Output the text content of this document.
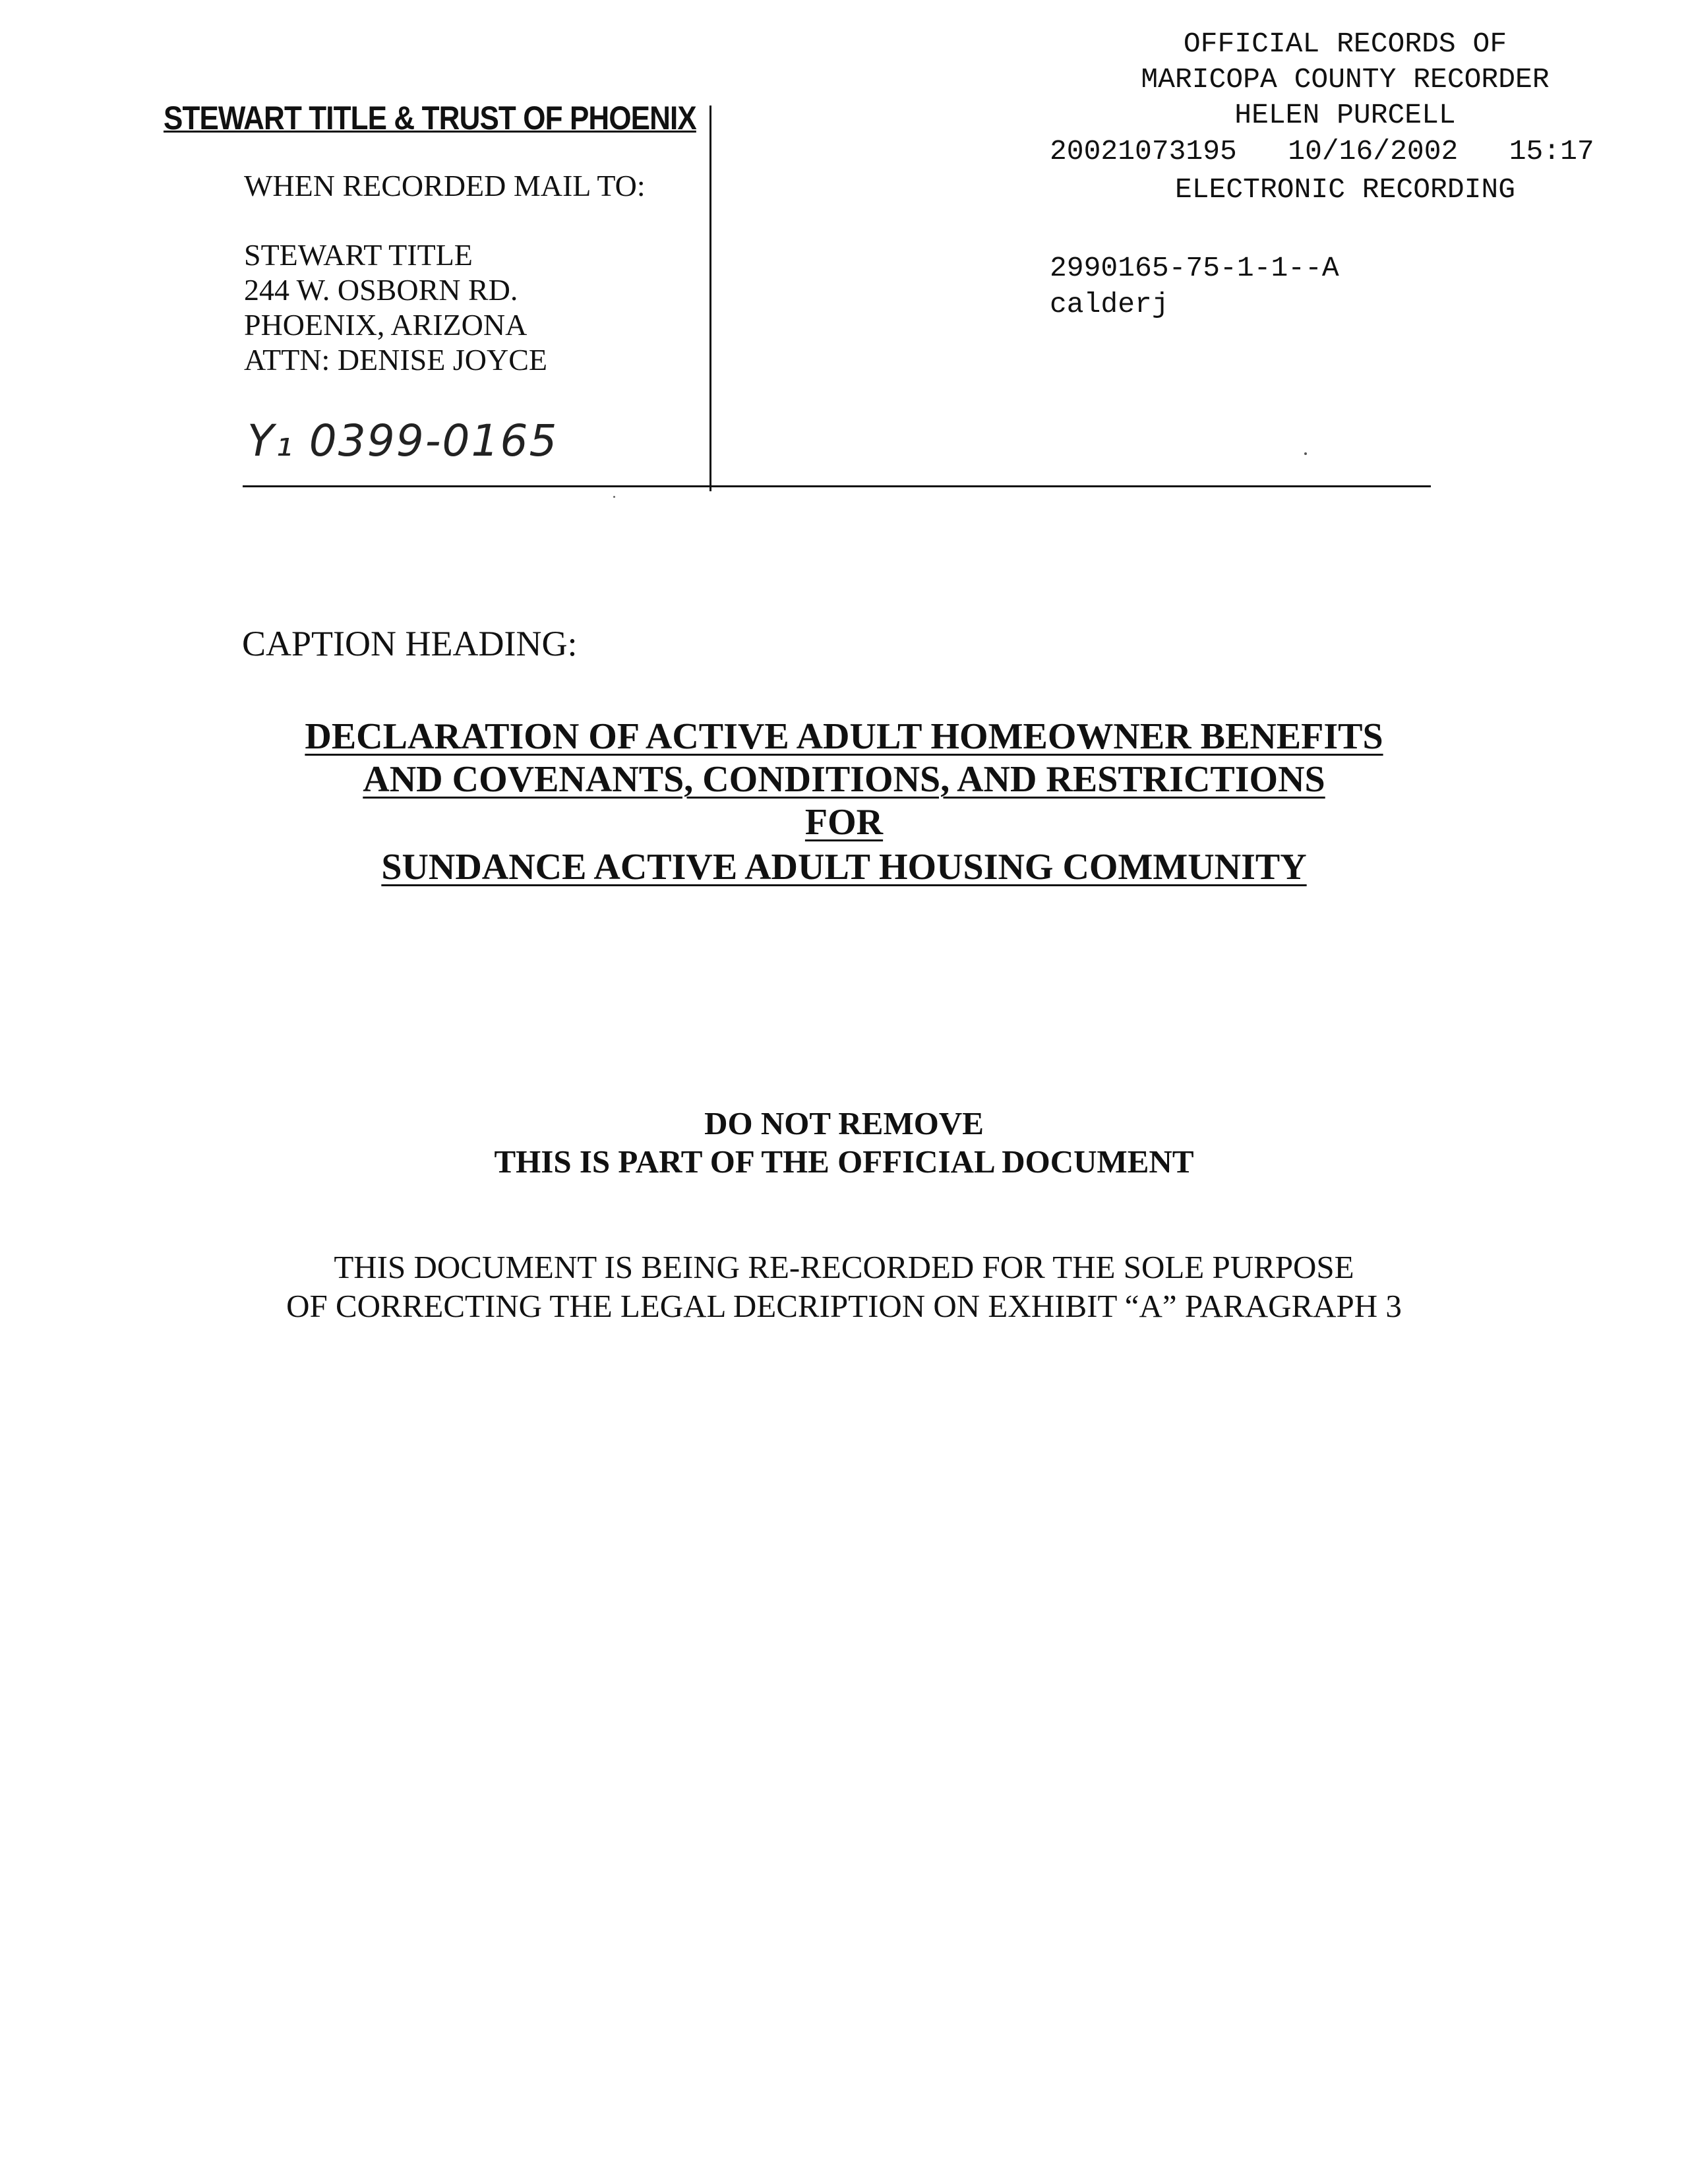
STEWART TITLE & TRUST OF PHOENIX
WHEN RECORDED MAIL TO:
STEWART TITLE
244 W. OSBORN RD.
PHOENIX, ARIZONA
ATTN: DENISE JOYCE
Y₁ 0399-0165
OFFICIAL RECORDS OF
MARICOPA COUNTY RECORDER
HELEN PURCELL
20021073195   10/16/2002   15:17
ELECTRONIC RECORDING
2990165-75-1-1--A
calderj
CAPTION HEADING:
DECLARATION OF ACTIVE ADULT HOMEOWNER BENEFITS
AND COVENANTS, CONDITIONS, AND RESTRICTIONS
FOR
SUNDANCE ACTIVE ADULT HOUSING COMMUNITY
DO NOT REMOVE
THIS IS PART OF THE OFFICIAL DOCUMENT
THIS DOCUMENT IS BEING RE-RECORDED FOR THE SOLE PURPOSE
OF CORRECTING THE LEGAL DECRIPTION ON EXHIBIT “A” PARAGRAPH 3
